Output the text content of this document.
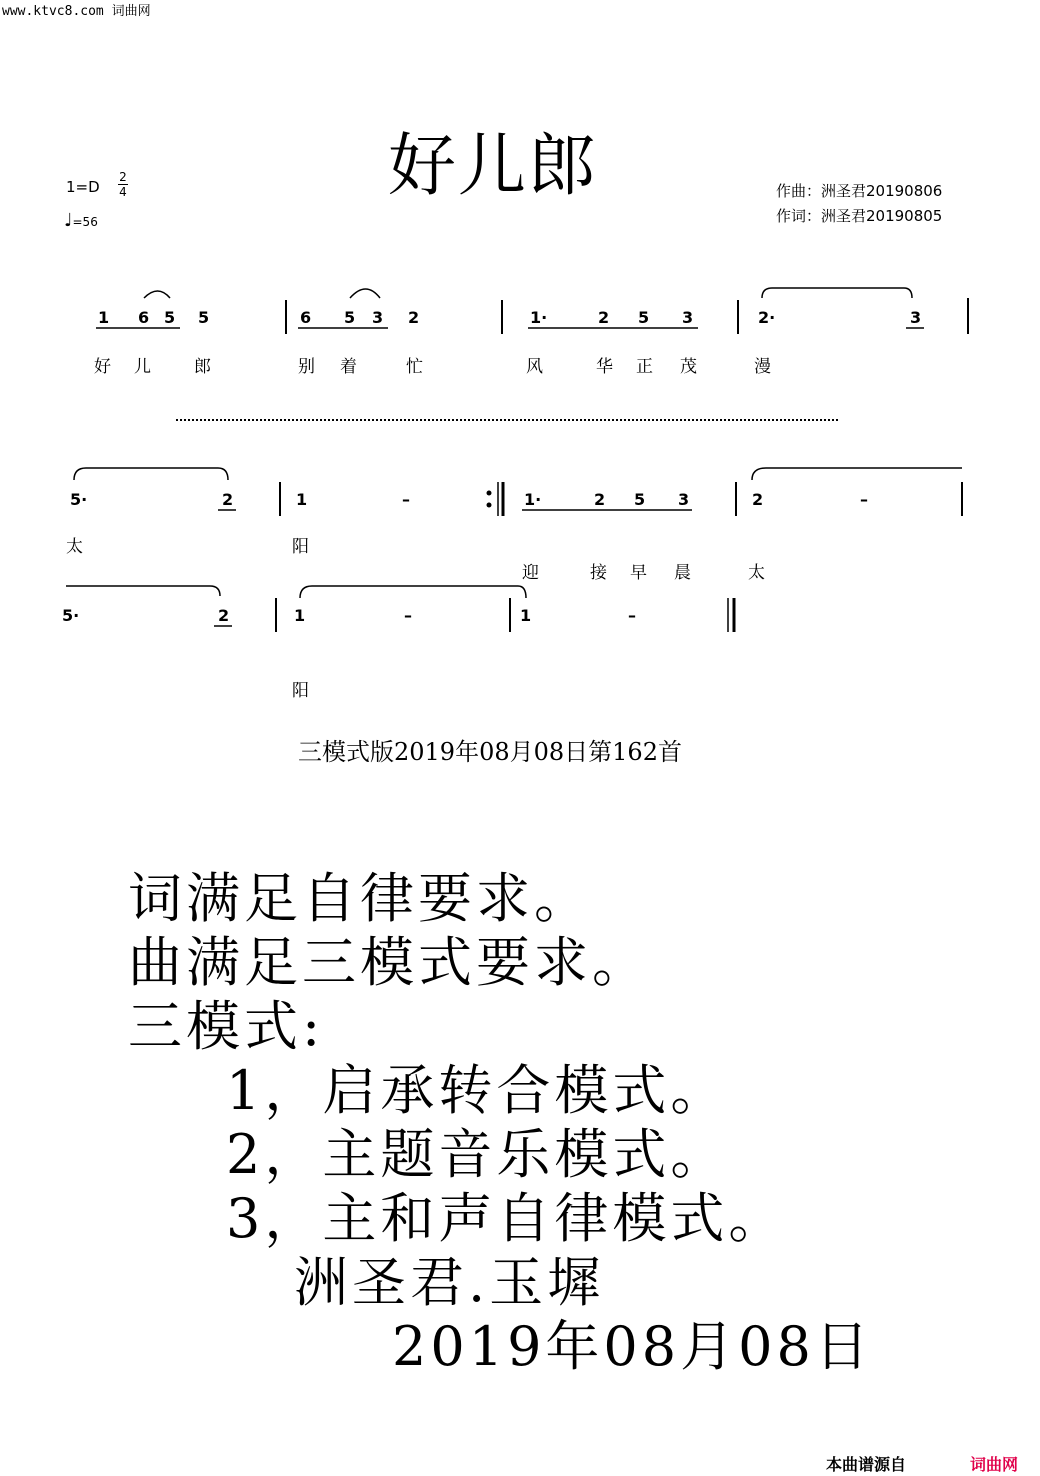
www.ktvc8.com 词曲网
好儿郎
1=D
2
4
♩=56
作曲：洲圣君20190806
作词：洲圣君20190805
1 6 5 5	6 5 3 2	1·	2 5 3	2·	3
好 儿	郎	别 着	忙	风	华 正 茂	漫
5·	2	1	–	1·	2 5 3	2	–
太	阳
迎	接 早 晨	太
5·	2	1	–	1	–
阳
三模式版2019年08月08日第162首
词满足自律要求。
曲满足三模式要求。
三模式:
1，启承转合模式。
2，主题音乐模式。
3，主和声自律模式。
洲圣君.玉墀
2019年08月08日
本曲谱源自	词曲网
